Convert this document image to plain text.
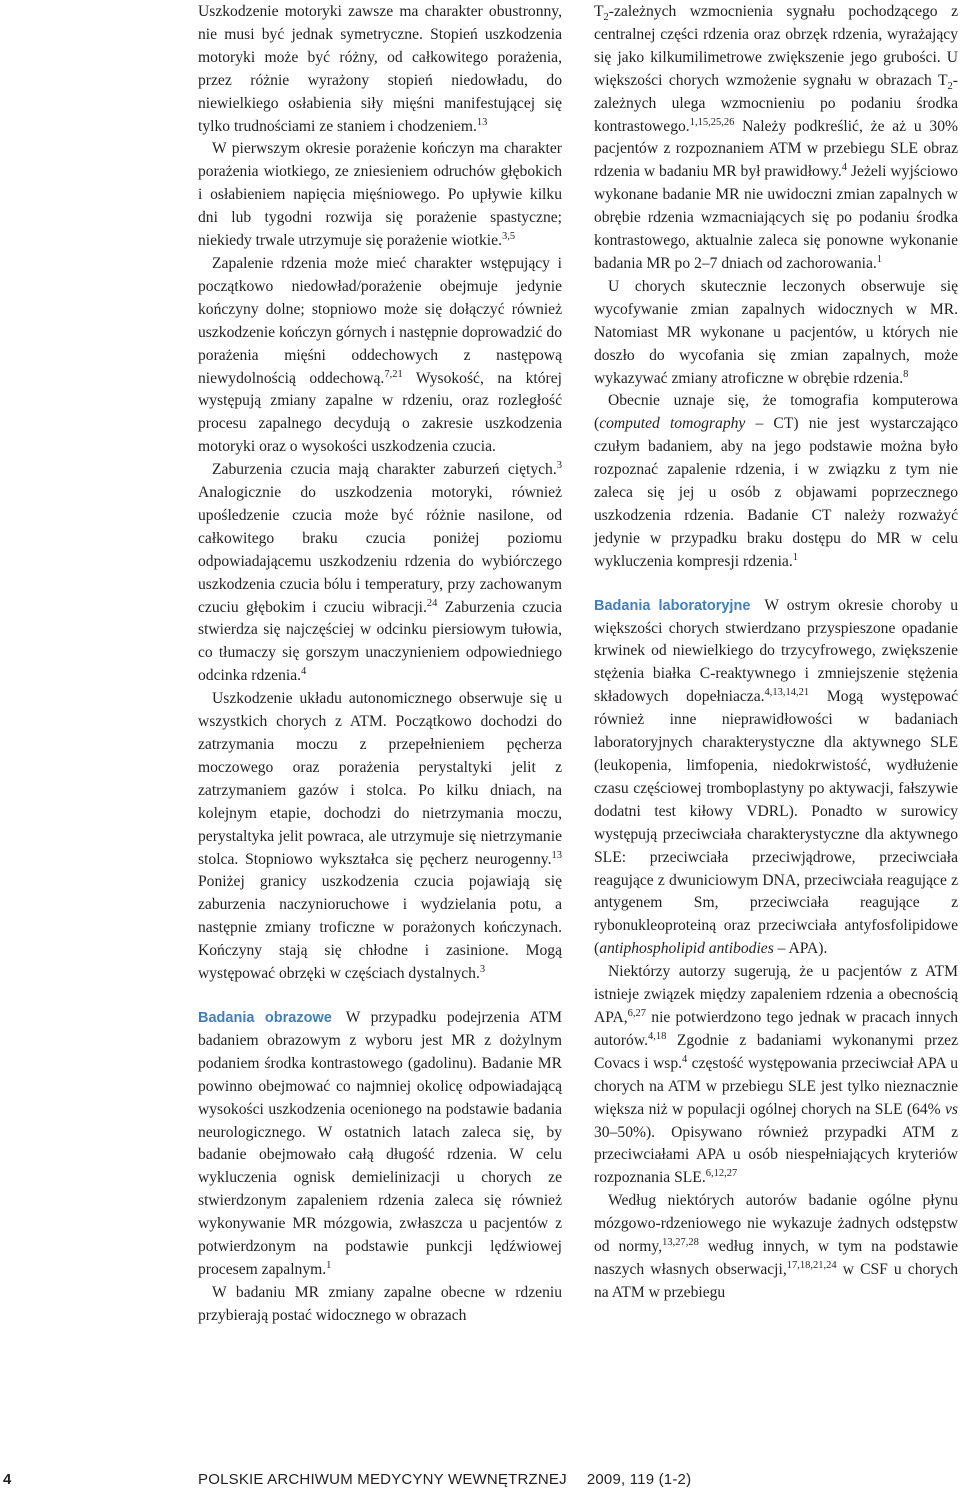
Uszkodzenie motoryki zawsze ma charakter obustronny, nie musi być jednak symetryczne. Stopień uszkodzenia motoryki może być różny, od całkowitego porażenia, przez różnie wyrażony stopień niedowładu, do niewielkiego osłabienia siły mięśni manifestującej się tylko trudnościami ze staniem i chodzeniem.$^{13}$

W pierwszym okresie porażenie kończyn ma charakter porażenia wiotkiego, ze zniesieniem odruchów głębokich i osłabieniem napięcia mięśniowego. Po upływie kilku dni lub tygodni rozwija się porażenie spastyczne; niekiedy trwale utrzymuje się porażenie wiotkie.$^{3,5}$

Zapalenie rdzenia może mieć charakter wstępujący i początkowo niedowład/porażenie obejmuje jedynie kończyny dolne; stopniowo może się dołączyć również uszkodzenie kończyn górnych i następnie doprowadzić do porażenia mięśni oddechowych z następową niewydolnością oddechową.$^{7,21}$ Wysokość, na której występują zmiany zapalne w rdzeniu, oraz rozległość procesu zapalnego decydują o zakresie uszkodzenia motoryki oraz o wysokości uszkodzenia czucia.

Zaburzenia czucia mają charakter zaburzeń ciętych.$^3$ Analogicznie do uszkodzenia motoryki, również upośledzenie czucia może być różnie nasilone, od całkowitego braku czucia poniżej poziomu odpowiadającemu uszkodzeniu rdzenia do wybiórczego uszkodzenia czucia bólu i temperatury, przy zachowanym czuciu głębokim i czuciu wibracji.$^{24}$ Zaburzenia czucia stwierdza się najczęściej w odcinku piersiowym tułowia, co tłumaczy się gorszym unaczynieniem odpowiedniego odcinka rdzenia.$^4$

Uszkodzenie układu autonomicznego obserwuje się u wszystkich chorych z ATM. Początkowo dochodzi do zatrzymania moczu z przepełnieniem pęcherza moczowego oraz porażenia perystaltyki jelit z zatrzymaniem gazów i stolca. Po kilku dniach, na kolejnym etapie, dochodzi do nietrzymania moczu, perystaltyka jelit powraca, ale utrzymuje się nietrzymanie stolca. Stopniowo wykształca się pęcherz neurogenny.$^{13}$ Poniżej granicy uszkodzenia czucia pojawiają się zaburzenia naczynioruchowe i wydzielania potu, a następnie zmiany troficzne w porażonych kończynach. Kończyny stają się chłodne i zasinione. Mogą występować obrzęki w częściach dystalnych.$^3$

Badania obrazowe W przypadku podejrzenia ATM badaniem obrazowym z wyboru jest MR z dożylnym podaniem środka kontrastowego (gadolinu). Badanie MR powinno obejmować co najmniej okolicę odpowiadającą wysokości uszkodzenia ocenionego na podstawie badania neurologicznego. W ostatnich latach zaleca się, by badanie obejmowało całą długość rdzenia. W celu wykluczenia ognisk demielinizacji u chorych ze stwierdzonym zapaleniem rdzenia zaleca się również wykonywanie MR mózgowia, zwłaszcza u pacjentów z potwierdzonym na podstawie punkcji lędźwiowej procesem zapalnym.$^1$

W badaniu MR zmiany zapalne obecne w rdzeniu przybierają postać widocznego w obrazach

$T_2$-zależnych wzmocnienia sygnału pochodzącego z centralnej części rdzenia oraz obrzęk rdzenia, wyrażający się jako kilkumilimetrowe zwiększenie jego grubości. U większości chorych wzmożenie sygnału w obrazach $T_2$-zależnych ulega wzmocnieniu po podaniu środka kontrastowego.$^{1,15,25,26}$ Należy podkreślić, że aż u 30% pacjentów z rozpoznaniem ATM w przebiegu SLE obraz rdzenia w badaniu MR był prawidłowy.$^4$ Jeżeli wyjściowo wykonane badanie MR nie uwidoczni zmian zapalnych w obrębie rdzenia wzmacniających się po podaniu środka kontrastowego, aktualnie zaleca się ponowne wykonanie badania MR po 2–7 dniach od zachorowania.$^1$

U chorych skutecznie leczonych obserwuje się wycofywanie zmian zapalnych widocznych w MR. Natomiast MR wykonane u pacjentów, u których nie doszło do wycofania się zmian zapalnych, może wykazywać zmiany atroficzne w obrębie rdzenia.$^8$

Obecnie uznaje się, że tomografia komputerowa (computed tomography – CT) nie jest wystarczająco czułym badaniem, aby na jego podstawie można było rozpoznać zapalenie rdzenia, i w związku z tym nie zaleca się jej u osób z objawami poprzecznego uszkodzenia rdzenia. Badanie CT należy rozważyć jedynie w przypadku braku dostępu do MR w celu wykluczenia kompresji rdzenia.$^1$

Badania laboratoryjne W ostrym okresie choroby u większości chorych stwierdzano przyspieszone opadanie krwinek od niewielkiego do trzycyfrowego, zwiększenie stężenia białka C-reaktywnego i zmniejszenie stężenia składowych dopełniacza.$^{4,13,14,21}$ Mogą występować również inne nieprawidłowości w badaniach laboratoryjnych charakterystyczne dla aktywnego SLE (leukopenia, limfopenia, niedokrwistość, wydłużenie czasu częściowej tromboplastyny po aktywacji, fałszywie dodatni test kiłowy VDRL). Ponadto w surowicy występują przeciwciała charakterystyczne dla aktywnego SLE: przeciwciała przeciwjądrowe, przeciwciała reagujące z dwuniciowym DNA, przeciwciała reagujące z antygenem Sm, przeciwciała reagujące z rybonukleoproteiną oraz przeciwciała antyfosfolipidowe (antiphospholipid antibodies – APA).

Niektórzy autorzy sugerują, że u pacjentów z ATM istnieje związek między zapaleniem rdzenia a obecnością APA,$^{6,27}$ nie potwierdzono tego jednak w pracach innych autorów.$^{4,18}$ Zgodnie z badaniami wykonanymi przez Covacs i wsp.$^4$ częstość występowania przeciwciał APA u chorych na ATM w przebiegu SLE jest tylko nieznacznie większa niż w populacji ogólnej chorych na SLE (64% vs 30–50%). Opisywano również przypadki ATM z przeciwciałami APA u osób niespełniających kryteriów rozpoznania SLE.$^{6,12,27}$

Według niektórych autorów badanie ogólne płynu mózgowo-rdzeniowego nie wykazuje żadnych odstępstw od normy,$^{13,27,28}$ według innych, w tym na podstawie naszych własnych obserwacji,$^{17,18,21,24}$ w CSF u chorych na ATM w przebiegu

4	POLSKIE ARCHIWUM MEDYCYNY WEWNĘTRZNEJ 2009, 119 (1-2)
